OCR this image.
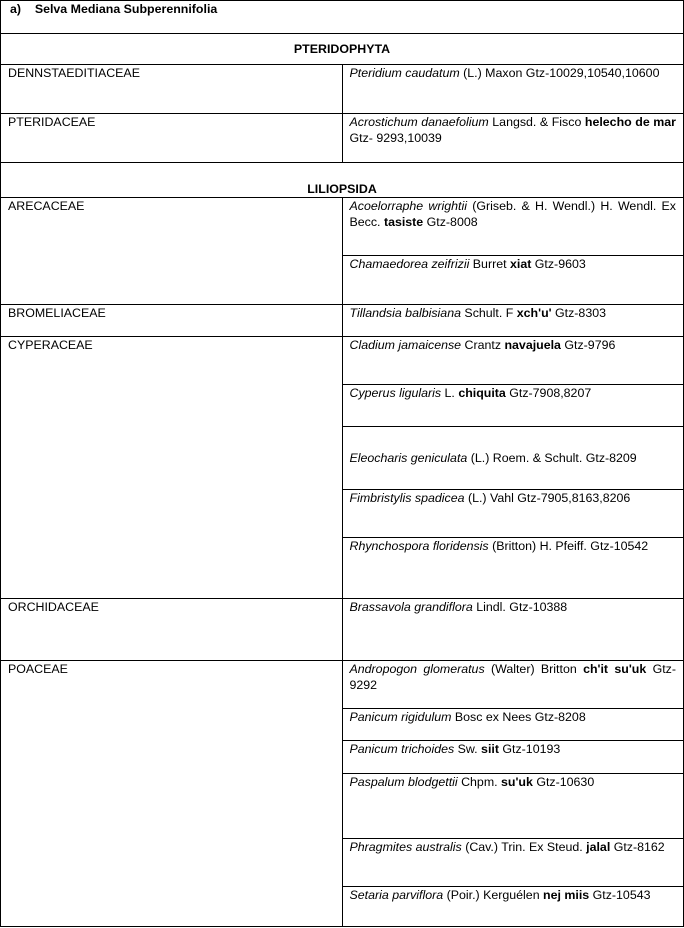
a) Selva Mediana Subperennifolia	
PTERIDOPHYTA	
DENNSTAEDITIACEAE	Pteridium caudatum (L.) Maxon Gtz-10029,10540,10600
PTERIDACEAE	Acrostichum danaefolium Langsd. & Fisco helecho de mar Gtz- 9293,10039
LILIOPSIDA	
ARECACEAE	Acoelorraphe wrightii (Griseb. & H. Wendl.) H. Wendl. Ex Becc. tasiste Gtz-8008
	Chamaedorea zeifrizii Burret xiat Gtz-9603
BROMELIACEAE	Tillandsia balbisiana Schult. F xch'u' Gtz-8303
CYPERACEAE	Cladium jamaicense Crantz navajuela Gtz-9796
	Cyperus ligularis L. chiquita Gtz-7908,8207
	Eleocharis geniculata (L.) Roem. & Schult. Gtz-8209
	Fimbristylis spadicea (L.) Vahl Gtz-7905,8163,8206
	Rhynchospora floridensis (Britton) H. Pfeiff. Gtz-10542
ORCHIDACEAE	Brassavola grandiflora Lindl. Gtz-10388
POACEAE	Andropogon glomeratus (Walter) Britton ch'it su'uk Gtz- 9292
	Panicum rigidulum Bosc ex Nees Gtz-8208
	Panicum trichoides Sw. siit Gtz-10193
	Paspalum blodgettii Chpm. su'uk Gtz-10630
	Phragmites australis (Cav.) Trin. Ex Steud. jalal Gtz-8162
	Setaria parviflora (Poir.) Kerguélen nej miis Gtz-10543
